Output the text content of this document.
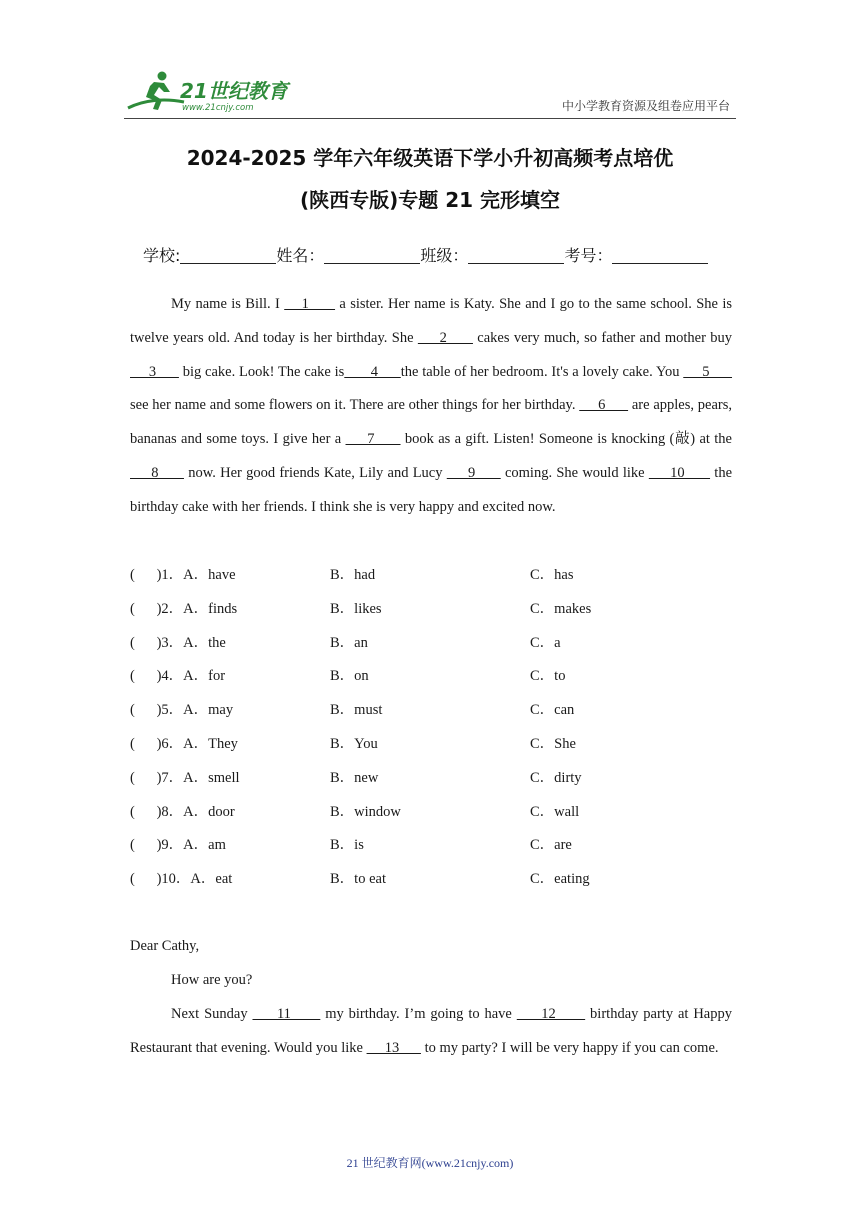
21世纪教育
www.21cnjy.com	中小学教育资源及组卷应用平台
2024-2025 学年六年级英语下学小升初高频考点培优
(陕西专版)专题 21 完形填空
学校:	姓名：	班级：	考号：
My name is Bill. I     1       a sister. Her name is Katy. She and I go to the same school. She is twelve years old. And today is her birthday. She      2       cakes very much, so father and mother buy      3       big cake. Look! The cake is       4      the table of her bedroom. It's a lovely cake. You      5       see her name and some flowers on it. There are other things for her birthday.      6       are apples, pears, bananas and some toys. I give her a      7       book as a gift. Listen! Someone is knocking (敲) at the      8       now. Her good friends Kate, Lily and Lucy      9       coming. She would like      10       the birthday cake with her friends. I think she is very happy and excited now.
(      )1．A．have	B．had	C．has
(      )2．A．finds	B．likes	C．makes
(      )3．A．the	B．an	C．a
(      )4．A．for	B．on	C．to
(      )5．A．may	B．must	C．can
(      )6．A．They	B．You	C．She
(      )7．A．smell	B．new	C．dirty
(      )8．A．door	B．window	C．wall
(      )9．A．am	B．is	C．are
(      )10．A．eat	B．to eat	C．eating
Dear Cathy,
How are you?
Next Sunday      11       my birthday. I’m going to have      12       birthday party at Happy Restaurant that evening. Would you like      13       to my party? I will be very happy if you can come.
21 世纪教育网(www.21cnjy.com)
